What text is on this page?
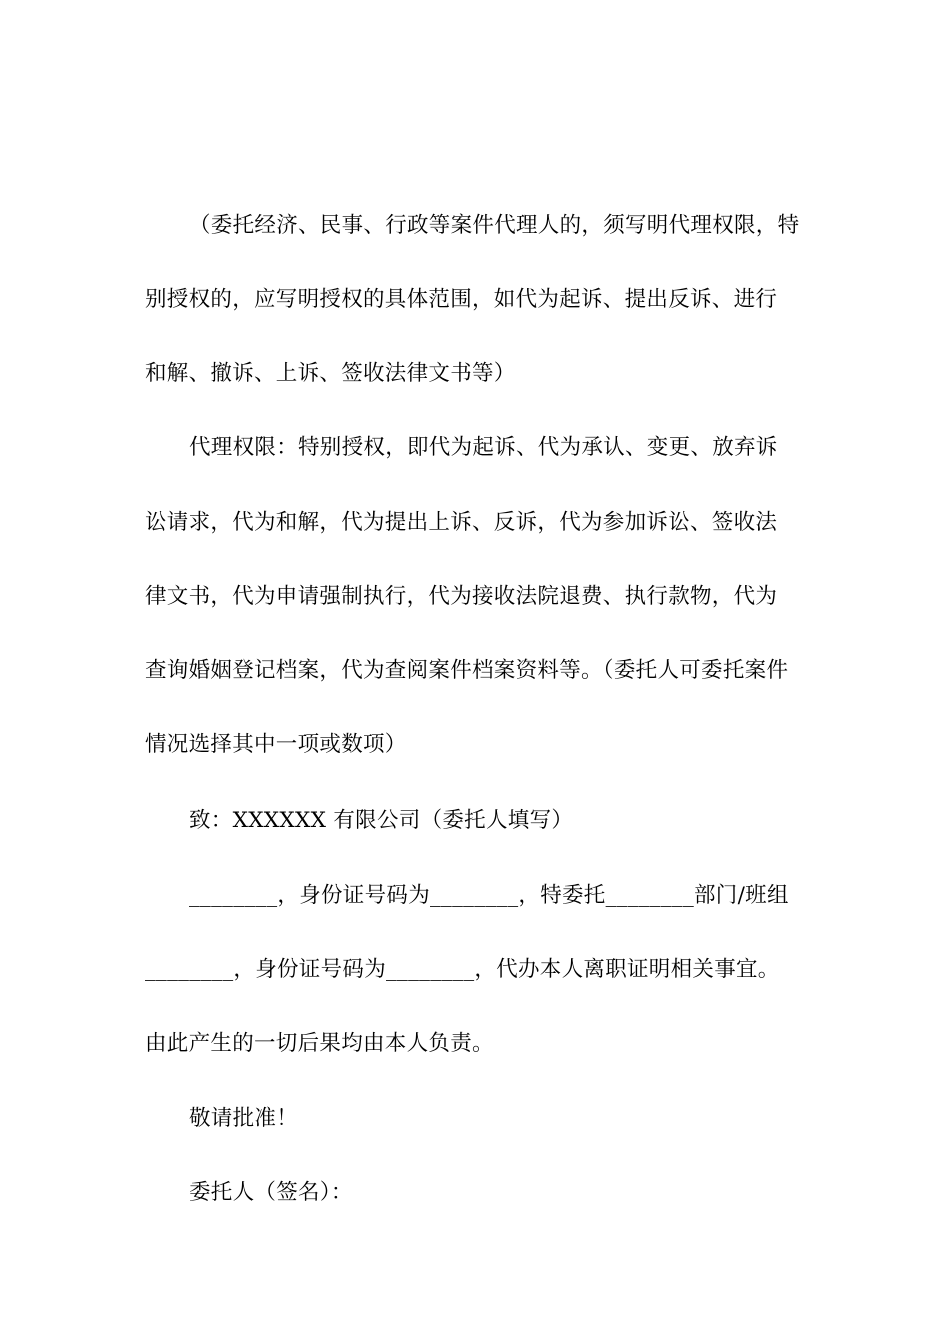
（委托经济、民事、行政等案件代理人的，须写明代理权限，特
别授权的，应写明授权的具体范围，如代为起诉、提出反诉、进行
和解、撤诉、上诉、签收法律文书等）
代理权限：特别授权，即代为起诉、代为承认、变更、放弃诉
讼请求，代为和解，代为提出上诉、反诉，代为参加诉讼、签收法
律文书，代为申请强制执行，代为接收法院退费、执行款物，代为
查询婚姻登记档案，代为查阅案件档案资料等。（委托人可委托案件
情况选择其中一项或数项）
致：XXXXXX 有限公司（委托人填写）
________，身份证号码为________，特委托________部门/班组
________，身份证号码为________，代办本人离职证明相关事宜。
由此产生的一切后果均由本人负责。
敬请批准！
委托人（签名）：
